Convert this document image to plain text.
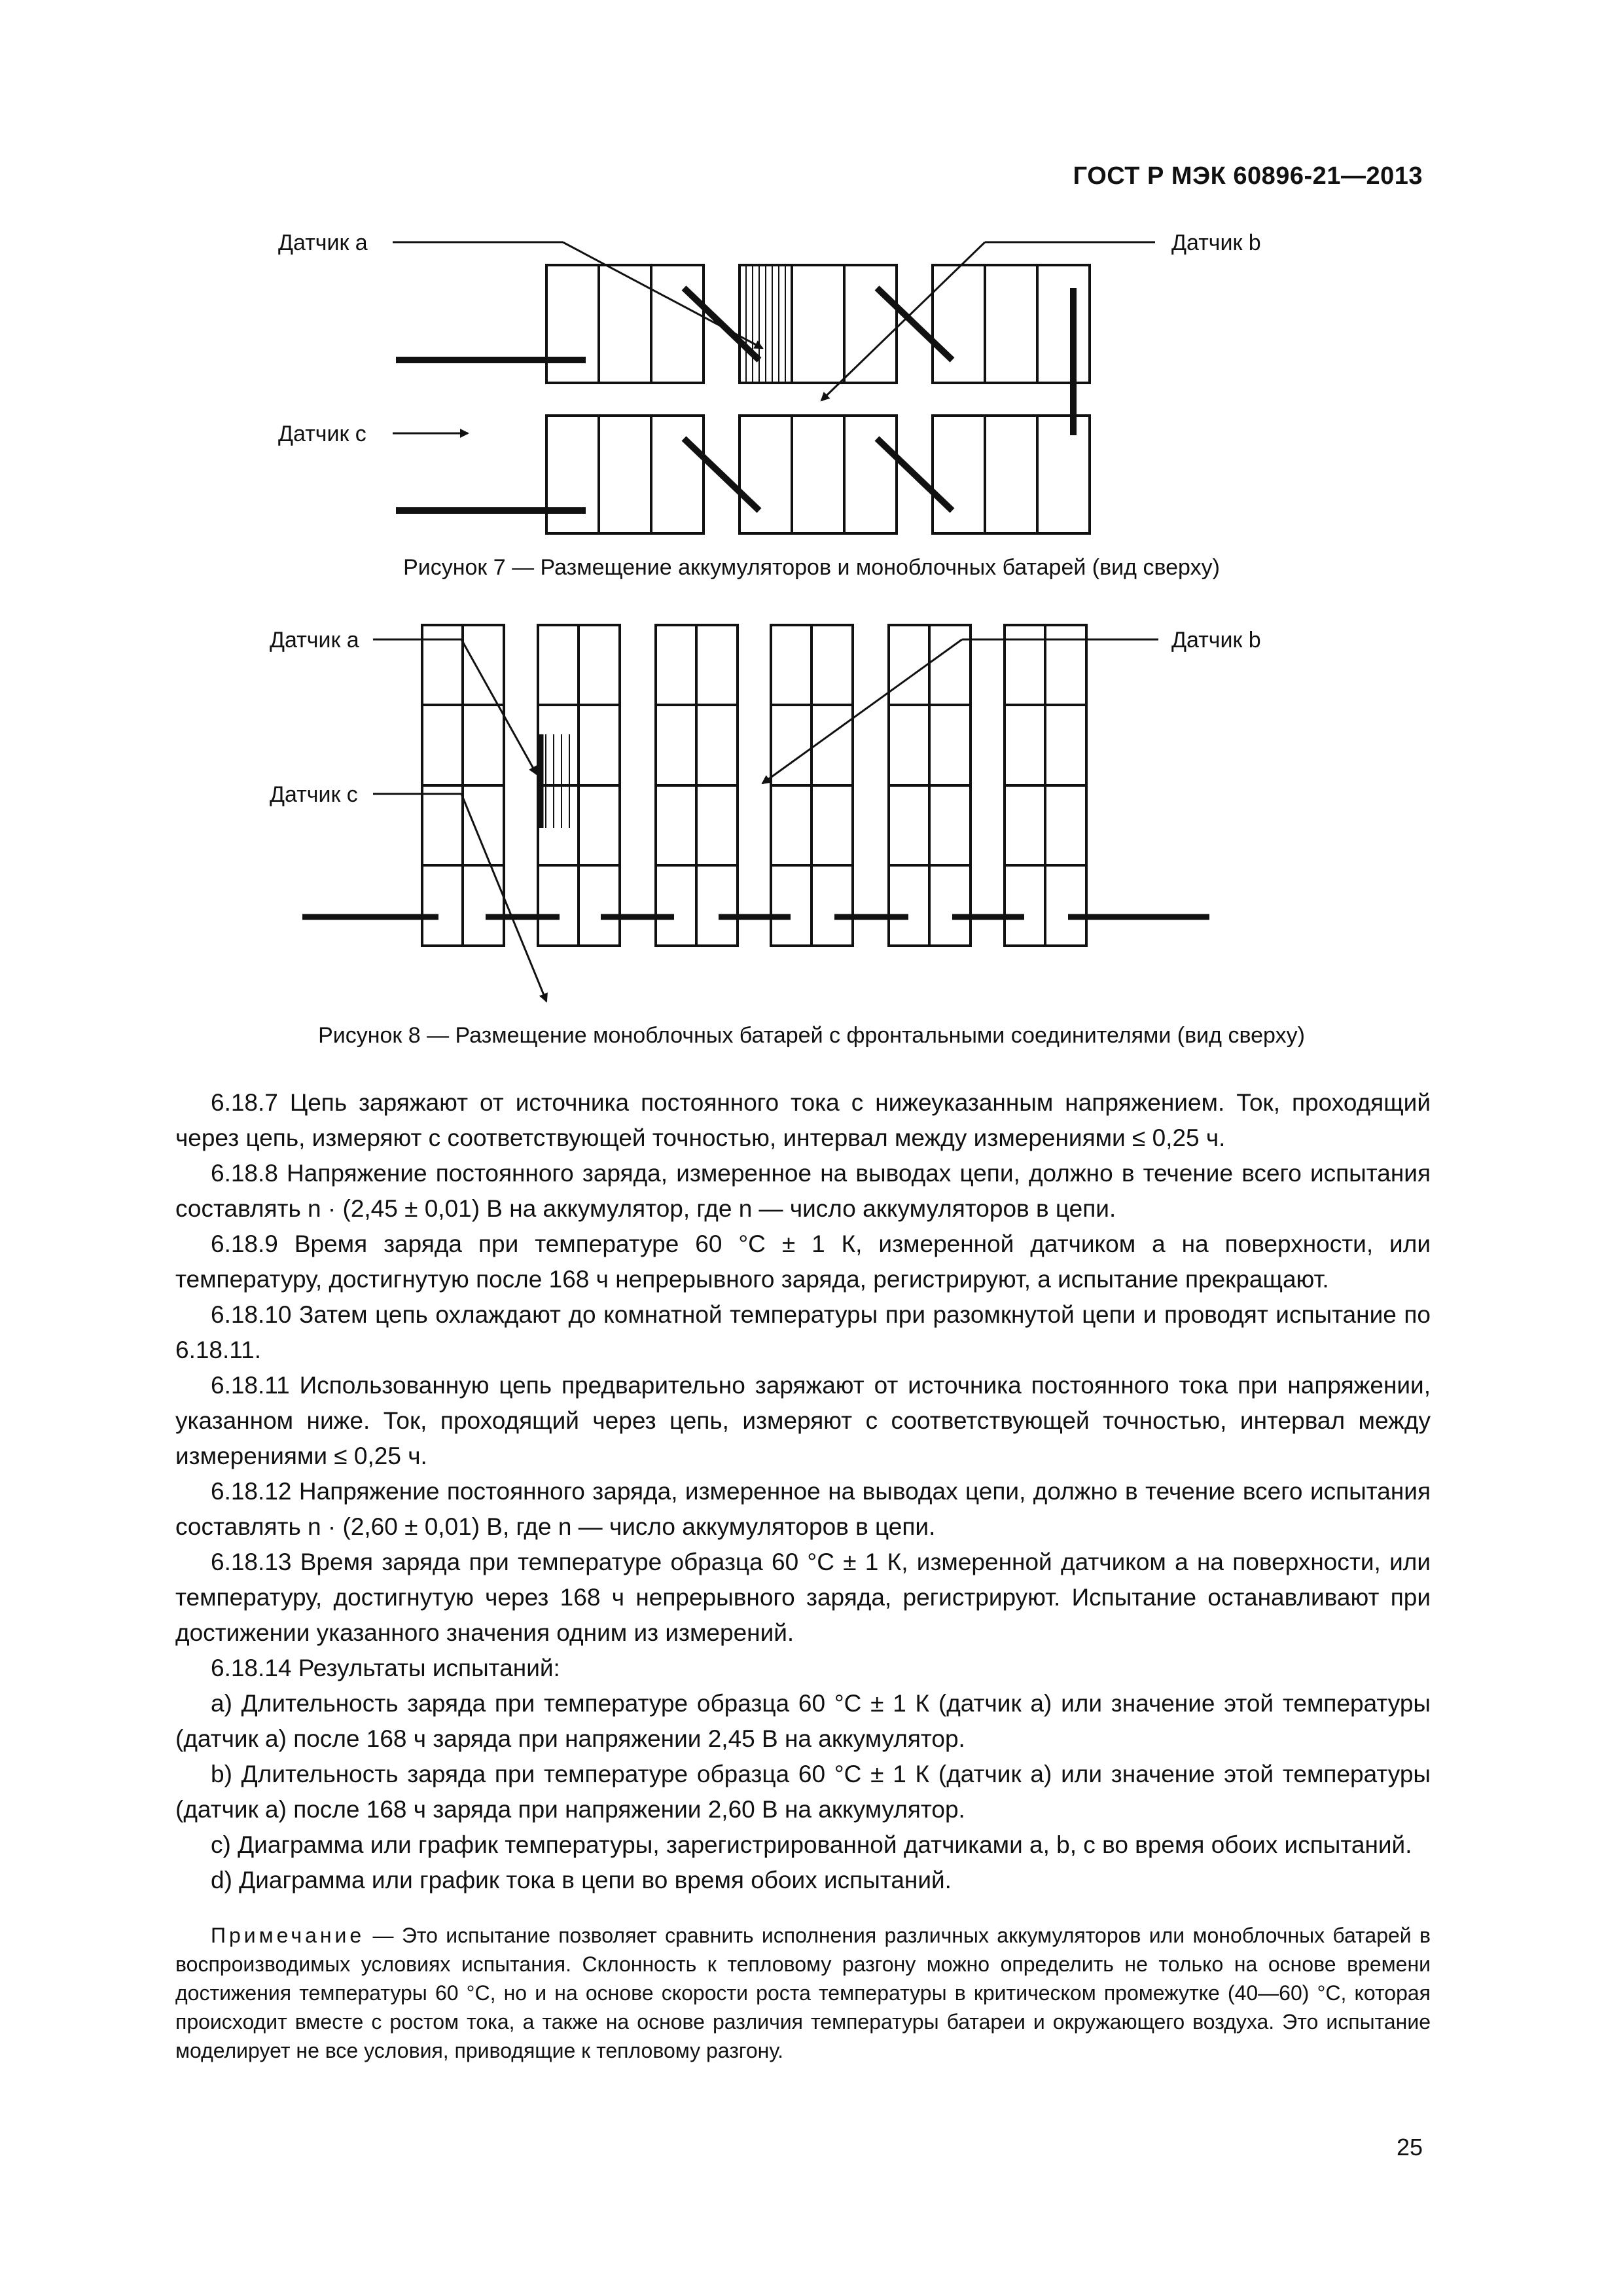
ГОСТ Р МЭК 60896-21—2013
Датчик a	Датчик b
Датчик c
Рисунок 7 — Размещение аккумуляторов и моноблочных батарей (вид сверху)
Датчик a	Датчик b
Датчик c
Рисунок 8 — Размещение моноблочных батарей с фронтальными соединителями (вид сверху)

6.18.7 Цепь заряжают от источника постоянного тока с нижеуказанным напряжением. Ток, проходящий через цепь, измеряют с соответствующей точностью, интервал между измерениями ≤ 0,25 ч.

6.18.8 Напряжение постоянного заряда, измеренное на выводах цепи, должно в течение всего испытания составлять n · (2,45 ± 0,01) В на аккумулятор, где n — число аккумуляторов в цепи.

6.18.9 Время заряда при температуре 60 °С ± 1 К, измеренной датчиком а на поверхности, или температуру, достигнутую после 168 ч непрерывного заряда, регистрируют, а испытание прекращают.

6.18.10 Затем цепь охлаждают до комнатной температуры при разомкнутой цепи и проводят испытание по 6.18.11.

6.18.11 Использованную цепь предварительно заряжают от источника постоянного тока при напряжении, указанном ниже. Ток, проходящий через цепь, измеряют с соответствующей точностью, интервал между измерениями ≤ 0,25 ч.

6.18.12 Напряжение постоянного заряда, измеренное на выводах цепи, должно в течение всего испытания составлять n · (2,60 ± 0,01) В, где n — число аккумуляторов в цепи.

6.18.13 Время заряда при температуре образца 60 °С ± 1 К, измеренной датчиком а на поверхности, или температуру, достигнутую через 168 ч непрерывного заряда, регистрируют. Испытание останавливают при достижении указанного значения одним из измерений.

6.18.14 Результаты испытаний:

a) Длительность заряда при температуре образца 60 °С ± 1 К (датчик а) или значение этой температуры (датчик а) после 168 ч заряда при напряжении 2,45 В на аккумулятор.

b) Длительность заряда при температуре образца 60 °С ± 1 К (датчик а) или значение этой температуры (датчик а) после 168 ч заряда при напряжении 2,60 В на аккумулятор.

c) Диаграмма или график температуры, зарегистрированной датчиками a, b, c во время обоих испытаний.

d) Диаграмма или график тока в цепи во время обоих испытаний.

Примечание — Это испытание позволяет сравнить исполнения различных аккумуляторов или моноблочных батарей в воспроизводимых условиях испытания. Склонность к тепловому разгону можно определить не только на основе времени достижения температуры 60 °С, но и на основе скорости роста температуры в критическом промежутке (40—60) °С, которая происходит вместе с ростом тока, а также на основе различия температуры батареи и окружающего воздуха. Это испытание моделирует не все условия, приводящие к тепловому разгону.
25
